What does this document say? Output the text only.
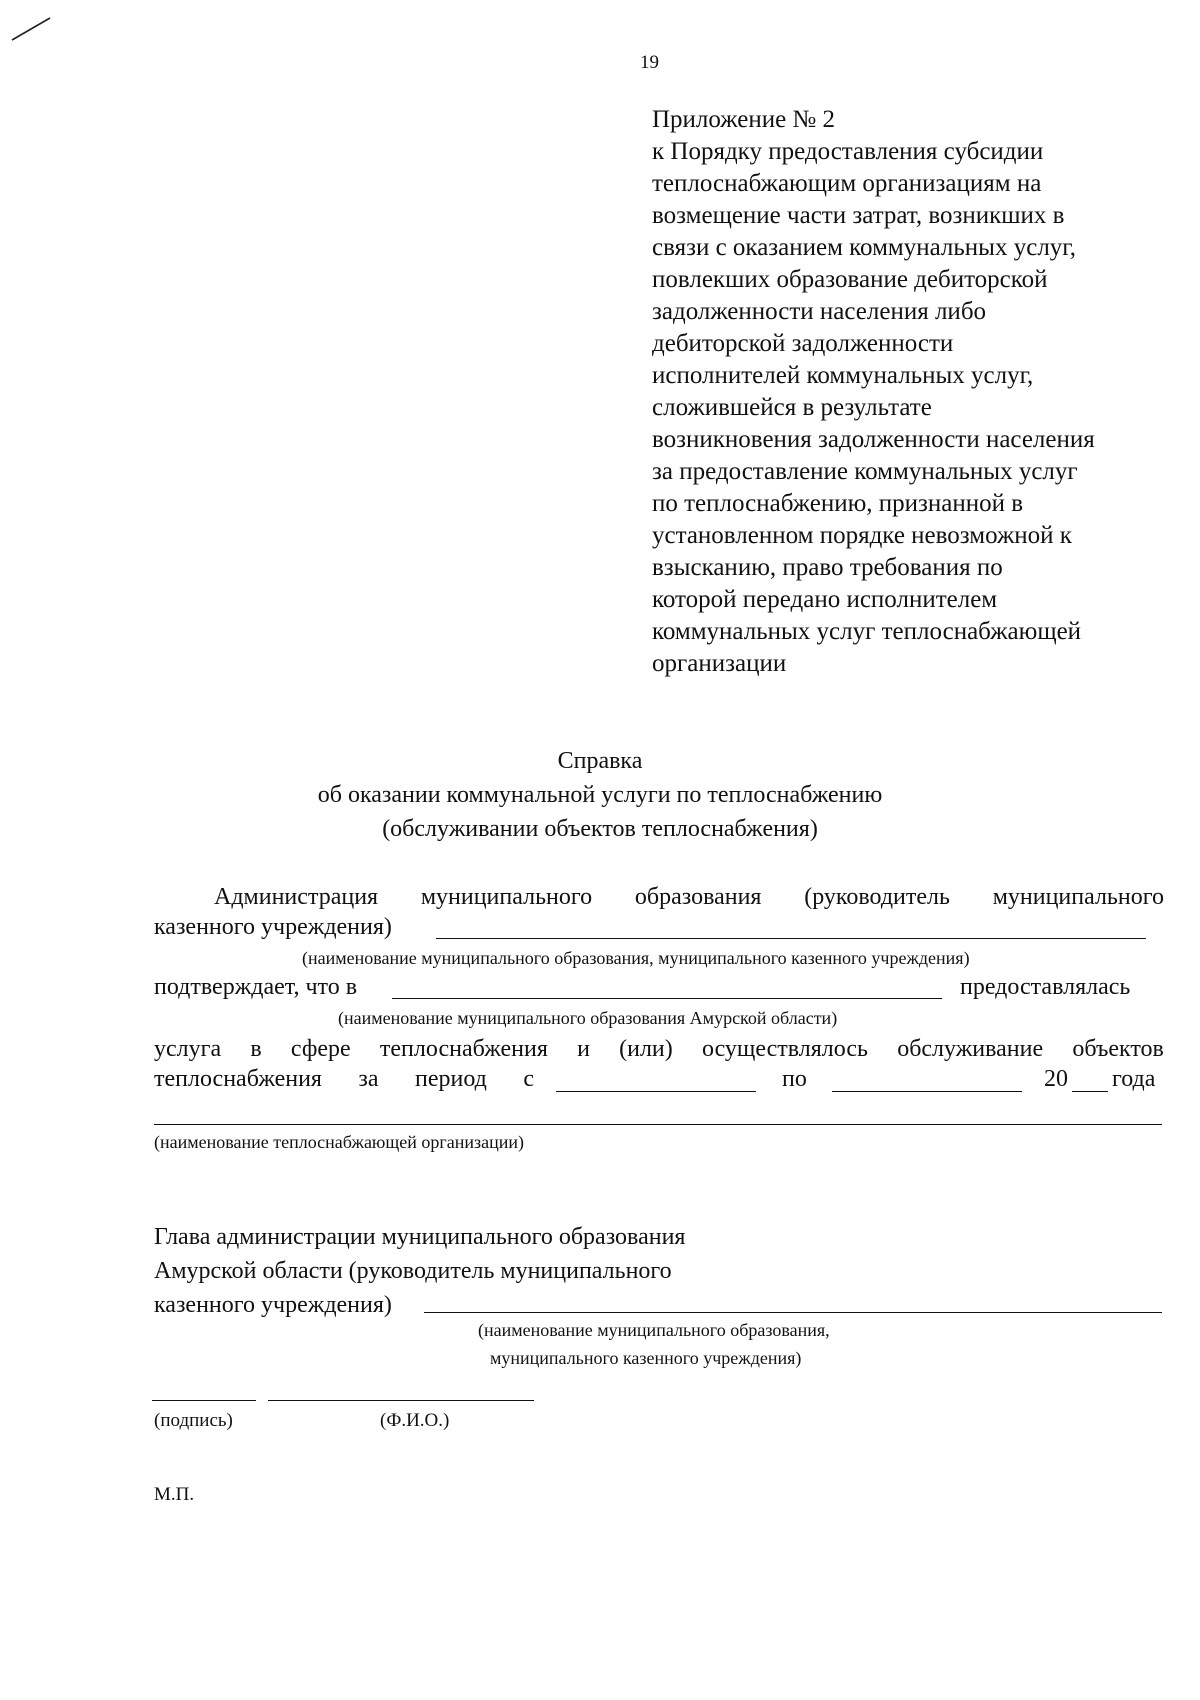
19
Приложение № 2
к Порядку предоставления субсидии
теплоснабжающим организациям на
возмещение части затрат, возникших в
связи с оказанием коммунальных услуг,
повлекших образование дебиторской
задолженности населения либо
дебиторской задолженности
исполнителей коммунальных услуг,
сложившейся в результате
возникновения задолженности населения
за предоставление коммунальных услуг
по теплоснабжению, признанной в
установленном порядке невозможной к
взысканию, право требования по
которой передано исполнителем
коммунальных услуг теплоснабжающей
организации
Справка
об оказании коммунальной услуги по теплоснабжению
(обслуживании объектов теплоснабжения)
Администрация муниципального образования (руководитель муниципального
казенного учреждения)
(наименование муниципального образования, муниципального казенного учреждения)
подтверждает, что в	предоставлялась
(наименование муниципального образования Амурской области)
услуга в сфере теплоснабжения и (или) осуществлялось обслуживание объектов
теплоснабжения за период с	по	20 года
(наименование теплоснабжающей организации)
Глава администрации муниципального образования
Амурской области (руководитель муниципального
казенного учреждения)
(наименование муниципального образования,
муниципального казенного учреждения)
(подпись)	(Ф.И.О.)
М.П.
